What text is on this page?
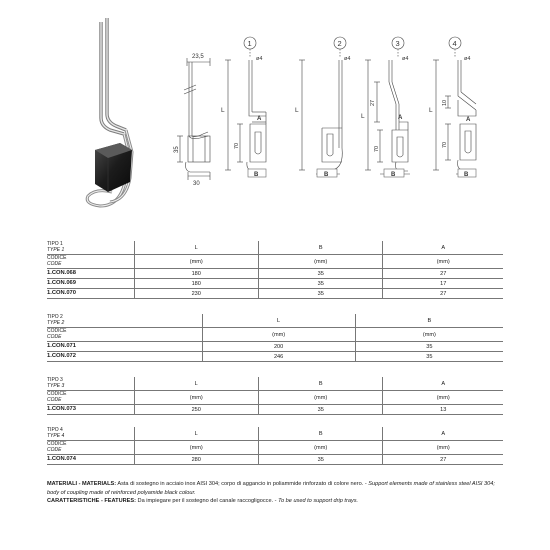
23,5
35
30
1
ø4
L
A
70
B
2
ø4
L
B
3
ø4
L
27
A
70
B
4
ø4
L
10
A
70
B
TIPO 1
TYPE 1	L	B	A

CODICE
CODE	(mm)	(mm)	(mm)
1.CON.068	180	35	27
1.CON.069	180	35	17
1.CON.070	230	35	27
TIPO 2
TYPE 2	L	B

CODICE
CODE	(mm)	(mm)
1.CON.071	200	35
1.CON.072	246	35
TIPO 3
TYPE 3	L	B	A

CODICE
CODE	(mm)	(mm)	(mm)
1.CON.073	250	35	13
TIPO 4
TYPE 4	L	B	A

CODICE
CODE	(mm)	(mm)	(mm)
1.CON.074	280	35	27
MATERIALI - MATERIALS: Asta di sostegno in acciaio inox AISI 304; corpo di aggancio in poliammide rinforzato di colore nero. - Support elements made of stainless steel AISI 304; body of coupling made of reinforced polyamide black colour.
CARATTERISTICHE - FEATURES: Da impiegare per il sostegno del canale raccogligocce. - To be used to support drip trays.
